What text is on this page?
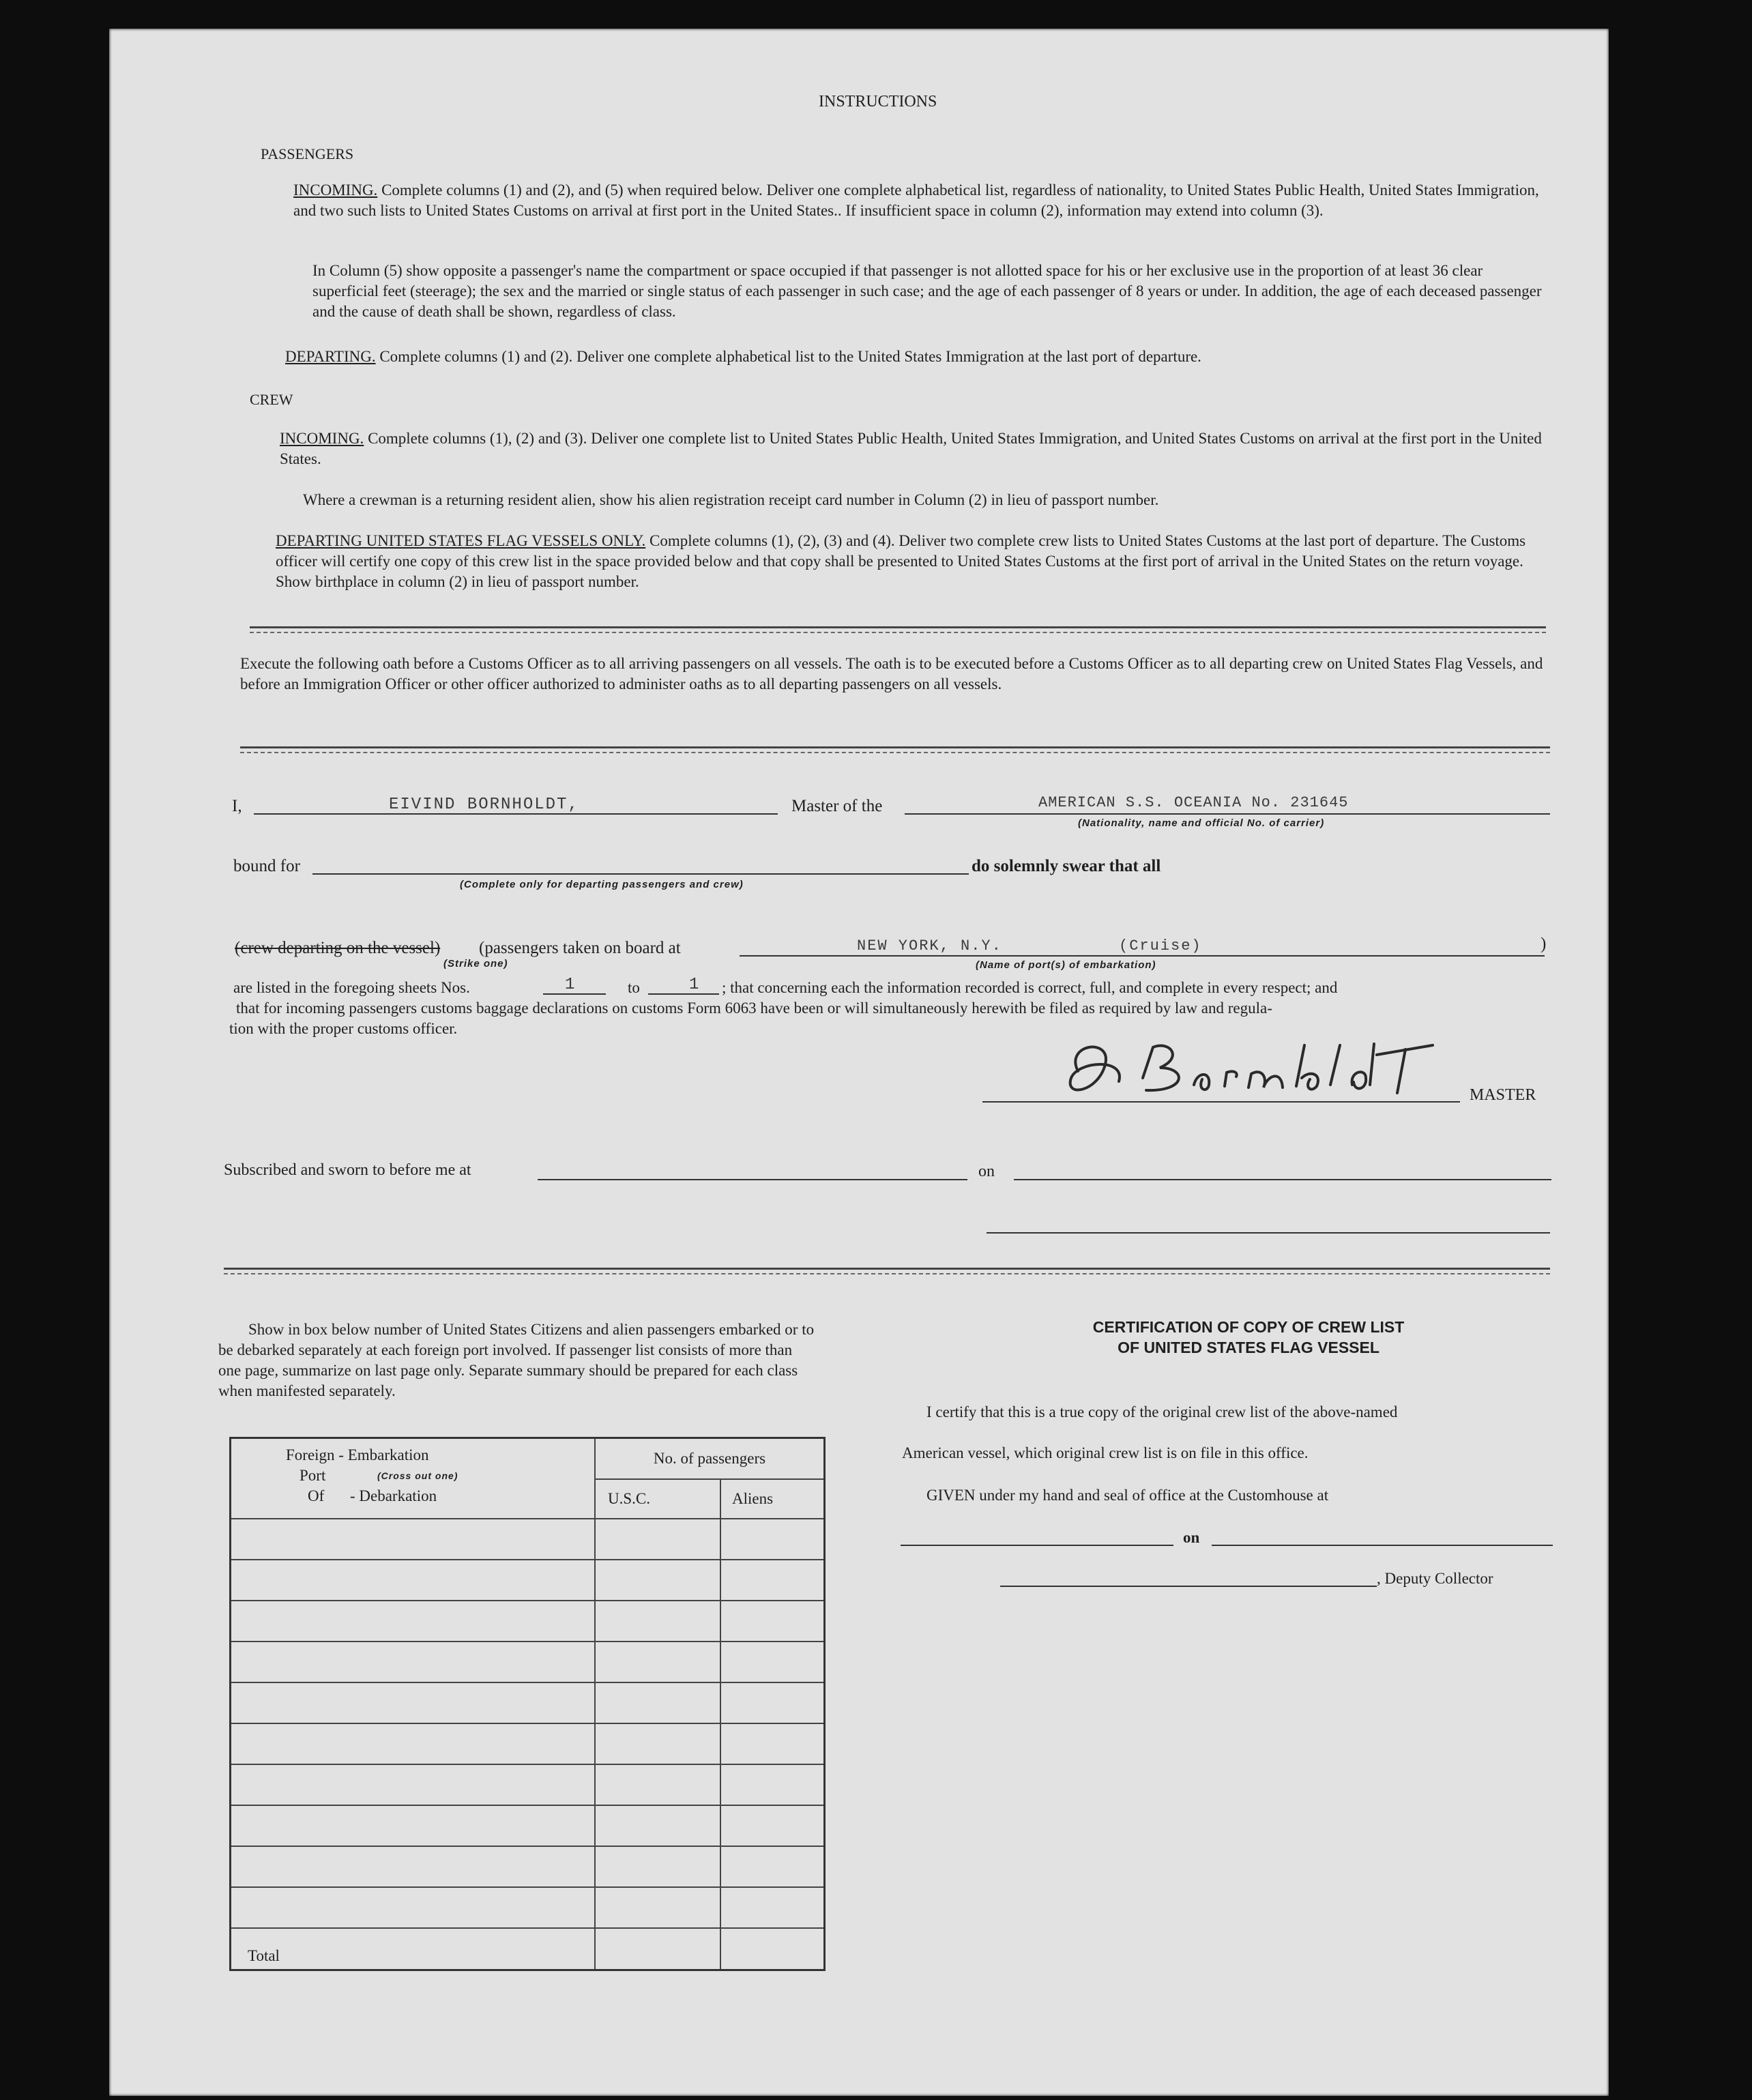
INSTRUCTIONS
PASSENGERS
INCOMING. Complete columns (1) and (2), and (5) when required below. Deliver one complete alphabetical list, regardless of nationality, to United States Public Health, United States Immigration, and two such lists to United States Customs on arrival at first port in the United States.. If insufficient space in column (2), information may extend into column (3).
In Column (5) show opposite a passenger's name the compartment or space occupied if that passenger is not allotted space for his or her exclusive use in the proportion of at least 36 clear superficial feet (steerage); the sex and the married or single status of each passenger in such case; and the age of each passenger of 8 years or under. In addition, the age of each deceased passenger and the cause of death shall be shown, regardless of class.
DEPARTING. Complete columns (1) and (2). Deliver one complete alphabetical list to the United States Immigration at the last port of departure.
CREW
INCOMING. Complete columns (1), (2) and (3). Deliver one complete list to United States Public Health, United States Immigration, and United States Customs on arrival at the first port in the United States.
Where a crewman is a returning resident alien, show his alien registration receipt card number in Column (2) in lieu of passport number.
DEPARTING UNITED STATES FLAG VESSELS ONLY. Complete columns (1), (2), (3) and (4). Deliver two complete crew lists to United States Customs at the last port of departure. The Customs officer will certify one copy of this crew list in the space provided below and that copy shall be presented to United States Customs at the first port of arrival in the United States on the return voyage. Show birthplace in column (2) in lieu of passport number.
Execute the following oath before a Customs Officer as to all arriving passengers on all vessels. The oath is to be executed before a Customs Officer as to all departing crew on United States Flag Vessels, and before an Immigration Officer or other officer authorized to administer oaths as to all departing passengers on all vessels.
I,	EIVIND BORNHOLDT,	Master of the	AMERICAN S.S. OCEANIA No. 231645
(Nationality, name and official No. of carrier)
bound for
(Complete only for departing passengers and crew)
do solemnly swear that all
(crew departing on the vessel) (passengers taken on board at
(Strike one)
NEW YORK, N.Y.	(Cruise)
(Name of port(s) of embarkation)
)
are listed in the foregoing sheets Nos.	1	to	1 ; that concerning each the information recorded is correct, full, and complete in every respect; and
that for incoming passengers customs baggage declarations on customs Form 6063 have been or will simultaneously herewith be filed as required by law and regula-
tion with the proper customs officer.
MASTER
Subscribed and sworn to before me at	on
Show in box below number of United States Citizens and alien passengers embarked or to be debarked separately at each foreign port involved. If passenger list consists of more than one page, summarize on last page only. Separate summary should be prepared for each class when manifested separately.
Foreign - Embarkation
Port (Cross out one)
Of - Debarkation	No. of passengers	
	U.S.C.	Aliens

Total		
CERTIFICATION OF COPY OF CREW LIST
OF UNITED STATES FLAG VESSEL
I certify that this is a true copy of the original crew list of the above-named
American vessel, which original crew list is on file in this office.
GIVEN under my hand and seal of office at the Customhouse at
on
, Deputy Collector
